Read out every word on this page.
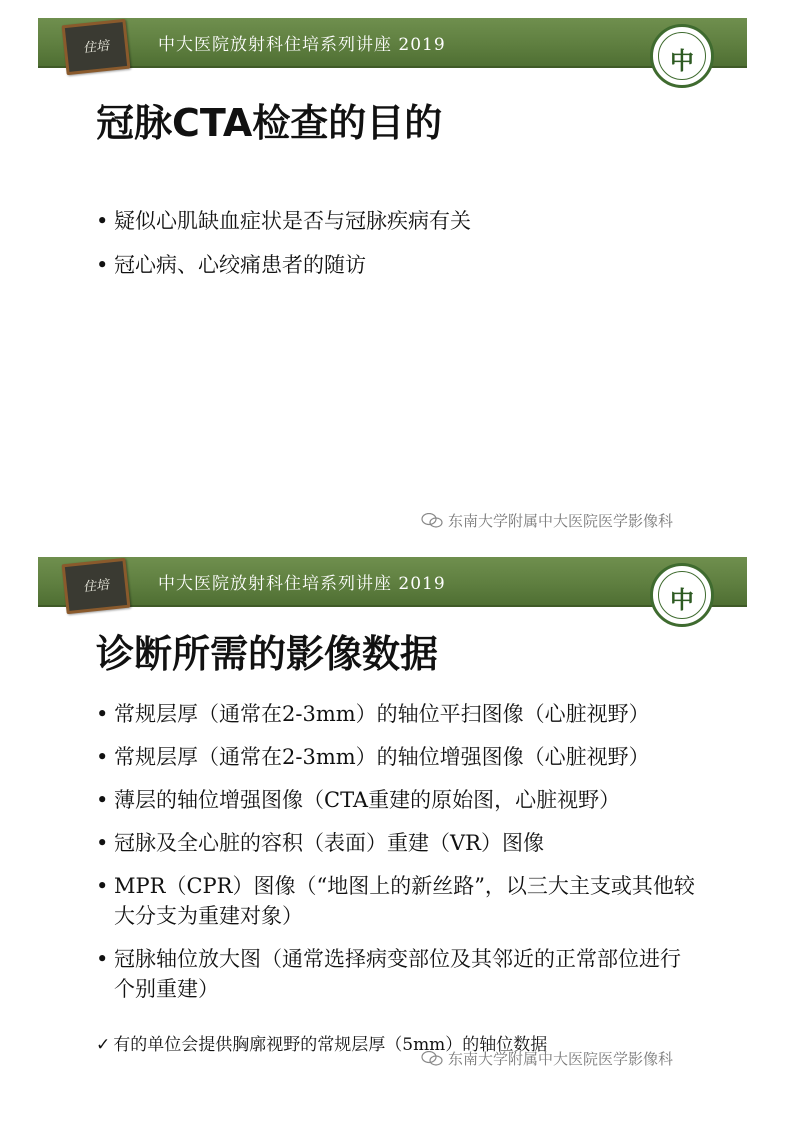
住培	中大医院放射科住培系列讲座 2019
中
冠脉CTA检查的目的
• 疑似心肌缺血症状是否与冠脉疾病有关
• 冠心病、心绞痛患者的随访
东南大学附属中大医院医学影像科
住培	中大医院放射科住培系列讲座 2019
中
诊断所需的影像数据
• 常规层厚（通常在2-3mm）的轴位平扫图像（心脏视野）
• 常规层厚（通常在2-3mm）的轴位增强图像（心脏视野）
• 薄层的轴位增强图像（CTA重建的原始图，心脏视野）
• 冠脉及全心脏的容积（表面）重建（VR）图像
• MPR（CPR）图像（“地图上的新丝路”，以三大主支或其他较大分支为重建对象）
• 冠脉轴位放大图（通常选择病变部位及其邻近的正常部位进行个别重建）
✓ 有的单位会提供胸廓视野的常规层厚（5mm）的轴位数据
东南大学附属中大医院医学影像科
